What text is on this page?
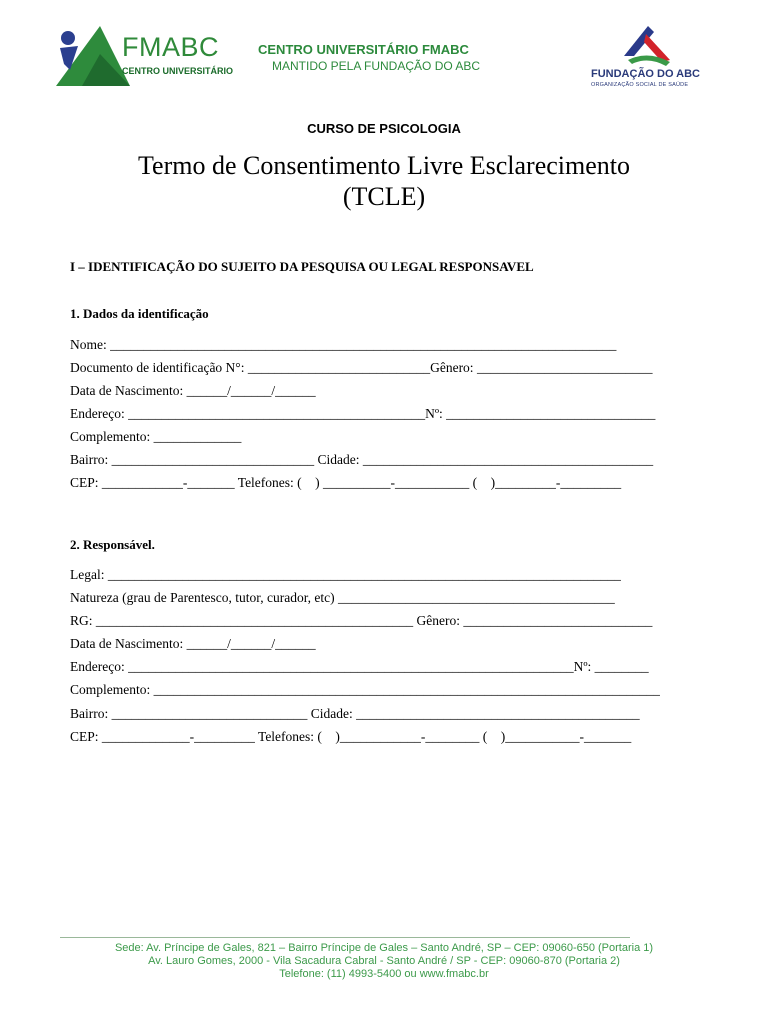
FMABC
CENTRO UNIVERSITÁRIO
CENTRO UNIVERSITÁRIO FMABC
MANTIDO PELA FUNDAÇÃO DO ABC
FUNDAÇÃO DO ABC
ORGANIZAÇÃO SOCIAL DE SAÚDE
CURSO DE PSICOLOGIA
Termo de Consentimento Livre Esclarecimento
(TCLE)
I – IDENTIFICAÇÃO DO SUJEITO DA PESQUISA OU LEGAL RESPONSAVEL
1. Dados da identificação
Nome: ___________________________________________________________________________
Documento de identificação N°: ___________________________Gênero: __________________________
Data de Nascimento: ______/______/______
Endereço: ____________________________________________Nº: _______________________________
Complemento: _____________
Bairro: ______________________________ Cidade: ___________________________________________
CEP: ____________-_______ Telefones: (    ) __________-___________ (    )_________-_________
2. Responsável.
Legal: ____________________________________________________________________________
Natureza (grau de Parentesco, tutor, curador, etc) _________________________________________
RG: _______________________________________________ Gênero: ____________________________
Data de Nascimento: ______/______/______
Endereço: __________________________________________________________________Nº: ________
Complemento: ___________________________________________________________________________
Bairro: _____________________________ Cidade: __________________________________________
CEP: _____________-_________ Telefones: (    )____________-________ (    )___________-_______
Sede: Av. Príncipe de Gales, 821 – Bairro Príncipe de Gales – Santo André, SP – CEP: 09060-650 (Portaria 1)
Av. Lauro Gomes, 2000 - Vila Sacadura Cabral - Santo André / SP - CEP: 09060-870 (Portaria 2)
Telefone: (11) 4993-5400 ou www.fmabc.br
